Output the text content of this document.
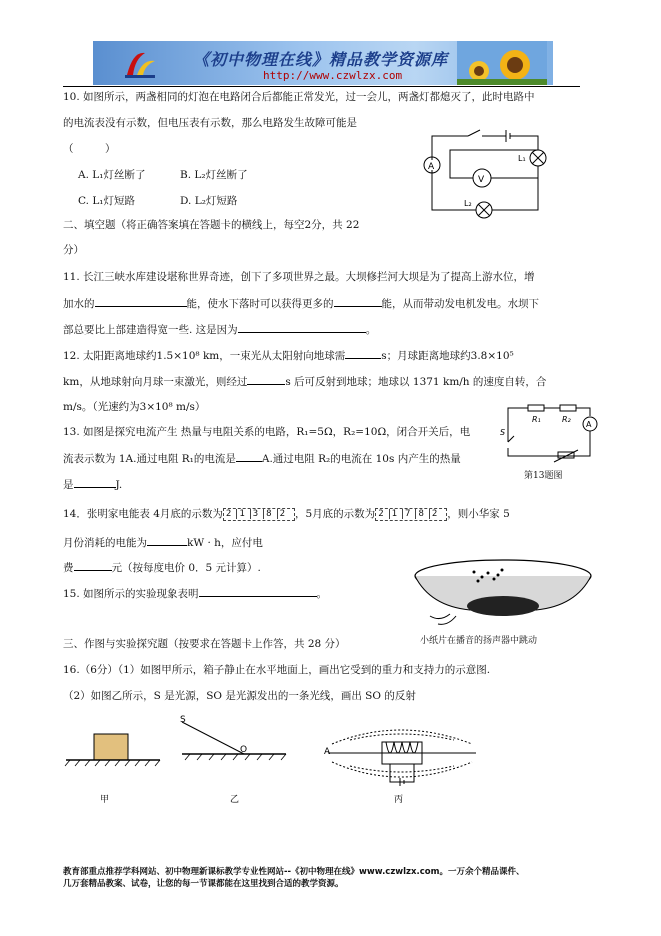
《初中物理在线》精品教学资源库
http://www.czwlzx.com
10. 如图所示，两盏相同的灯泡在电路闭合后都能正常发光，过一会儿，两盏灯都熄灭了，此时电路中
的电流表没有示数，但电压表有示数，那么电路发生故障可能是
（　　　）
A. L₁灯丝断了	B. L₂灯丝断了
C. L₁灯短路	D. L₂灯短路
A
V
L₁
L₂
二、填空题（将正确答案填在答题卡的横线上，每空2分，共 22
分）
11. 长江三峡水库建设堪称世界奇迹，创下了多项世界之最。大坝修拦河大坝是为了提高上游水位，增
加水的	能，使水下落时可以获得更多的	能，从而带动发电机发电。水坝下
部总要比上部建造得宽一些. 这是因为	。
12. 太阳距离地球约1.5×10⁸ km，一束光从太阳射向地球需	s；月球距离地球约3.8×10⁵
km，从地球射向月球一束激光，则经过	s 后可反射到地球；地球以 1371 km/h 的速度自转，合
m/s。（光速约为3×10⁸ m/s）
13. 如图是探究电流产生 热量与电阻关系的电路，R₁=5Ω，R₂=10Ω，闭合开关后，电
流表示数为 1A.通过电阻 R₁的电流是 A.通过电阻 R₂的电流在 10s 内产生的热量
是	J.
R₁	R₂
S
A
第13题图
14．张明家电能表 4月底的示数为 2 1 3 8 2 ，5月底的示数为 2 1 7 8 2 ，则小华家 5
月份消耗的电能为	kW · h，应付电
费	元（按每度电价 0．5 元计算）.
15. 如图所示的实验现象表明	。
小纸片在播音的扬声器中跳动
三、作图与实验探究题（按要求在答题卡上作答，共 28 分）
16.（6分）（1）如图甲所示，箱子静止在水平地面上，画出它受到的重力和支持力的示意图.
（2）如图乙所示，S 是光源，SO 是光源发出的一条光线，画出 SO 的反射
S
O	A
甲	乙	丙
教育部重点推荐学科网站、初中物理新课标教学专业性网站--《初中物理在线》www.czwlzx.com。一万余个精品课件、
几万套精品教案、试卷，让您的每一节课都能在这里找到合适的教学资源。
